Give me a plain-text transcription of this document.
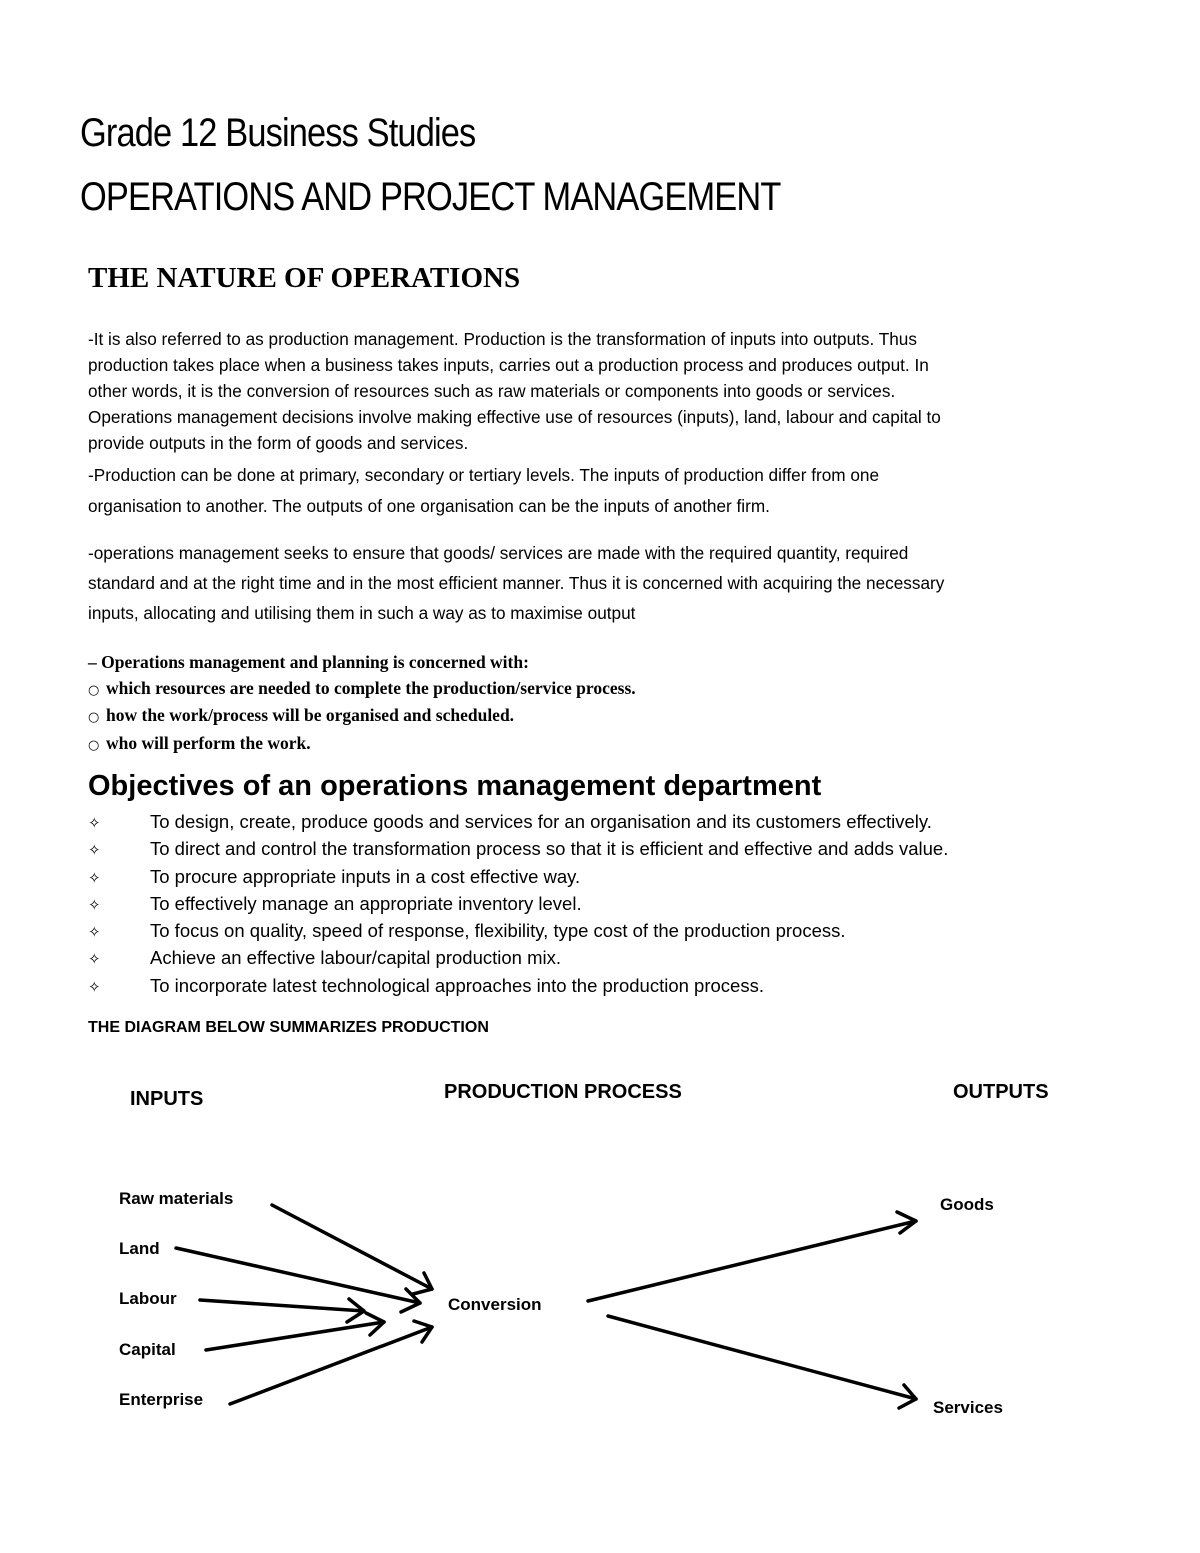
Grade 12 Business Studies
OPERATIONS AND PROJECT MANAGEMENT
THE NATURE OF OPERATIONS
-It is also referred to as production management. Production is the transformation of inputs into outputs. Thus
production takes place when a business takes inputs, carries out a production process and produces output. In
other words, it is the conversion of resources such as raw materials or components into goods or services.
Operations management decisions involve making effective use of resources (inputs), land, labour and capital to
provide outputs in the form of goods and services.
-Production can be done at primary, secondary or tertiary levels. The inputs of production differ from one
organisation to another. The outputs of one organisation can be the inputs of another firm.
-operations management seeks to ensure that goods/ services are made with the required quantity, required
standard and at the right time and in the most efficient manner. Thus it is concerned with acquiring the necessary
inputs, allocating and utilising them in such a way as to maximise output
– Operations management and planning is concerned with:
○ which resources are needed to complete the production/service process.
○ how the work/process will be organised and scheduled.
○ who will perform the work.
Objectives of an operations management department
✧	To design, create, produce goods and services for an organisation and its customers effectively.
✧	To direct and control the transformation process so that it is efficient and effective and adds value.
✧	To procure appropriate inputs in a cost effective way.
✧	To effectively manage an appropriate inventory level.
✧	To focus on quality, speed of response, flexibility, type cost of the production process.
✧	Achieve an effective labour/capital production mix.
✧	To incorporate latest technological approaches into the production process.
THE DIAGRAM BELOW SUMMARIZES PRODUCTION
INPUTS	PRODUCTION PROCESS	OUTPUTS
Raw materials
Land
Labour
Capital
Enterprise
Conversion
Goods
Services
